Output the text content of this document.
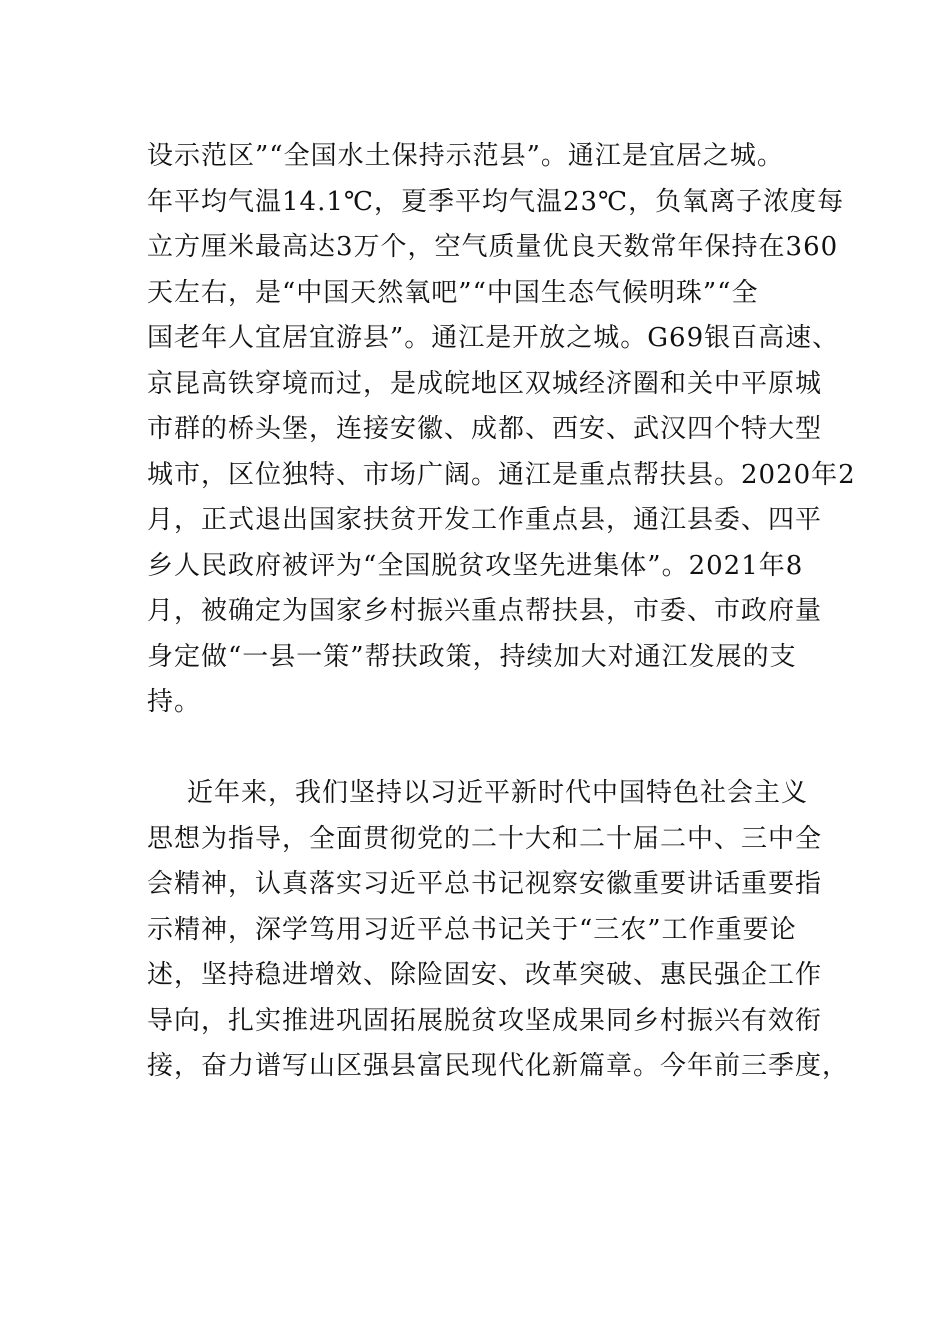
设示范区”“全国水土保持示范县”。通江是宜居之城。
年平均气温14.1℃，夏季平均气温23℃，负氧离子浓度每
立方厘米最高达3万个，空气质量优良天数常年保持在360
天左右，是“中国天然氧吧”“中国生态气候明珠”“全
国老年人宜居宜游县”。通江是开放之城。G69银百高速、
京昆高铁穿境而过，是成皖地区双城经济圈和关中平原城
市群的桥头堡，连接安徽、成都、西安、武汉四个特大型
城市，区位独特、市场广阔。通江是重点帮扶县。2020年2
月，正式退出国家扶贫开发工作重点县，通江县委、四平
乡人民政府被评为“全国脱贫攻坚先进集体”。2021年8
月，被确定为国家乡村振兴重点帮扶县，市委、市政府量
身定做“一县一策”帮扶政策，持续加大对通江发展的支
持。
近年来，我们坚持以习近平新时代中国特色社会主义
思想为指导，全面贯彻党的二十大和二十届二中、三中全
会精神，认真落实习近平总书记视察安徽重要讲话重要指
示精神，深学笃用习近平总书记关于“三农”工作重要论
述，坚持稳进增效、除险固安、改革突破、惠民强企工作
导向，扎实推进巩固拓展脱贫攻坚成果同乡村振兴有效衔
接，奋力谱写山区强县富民现代化新篇章。今年前三季度，
